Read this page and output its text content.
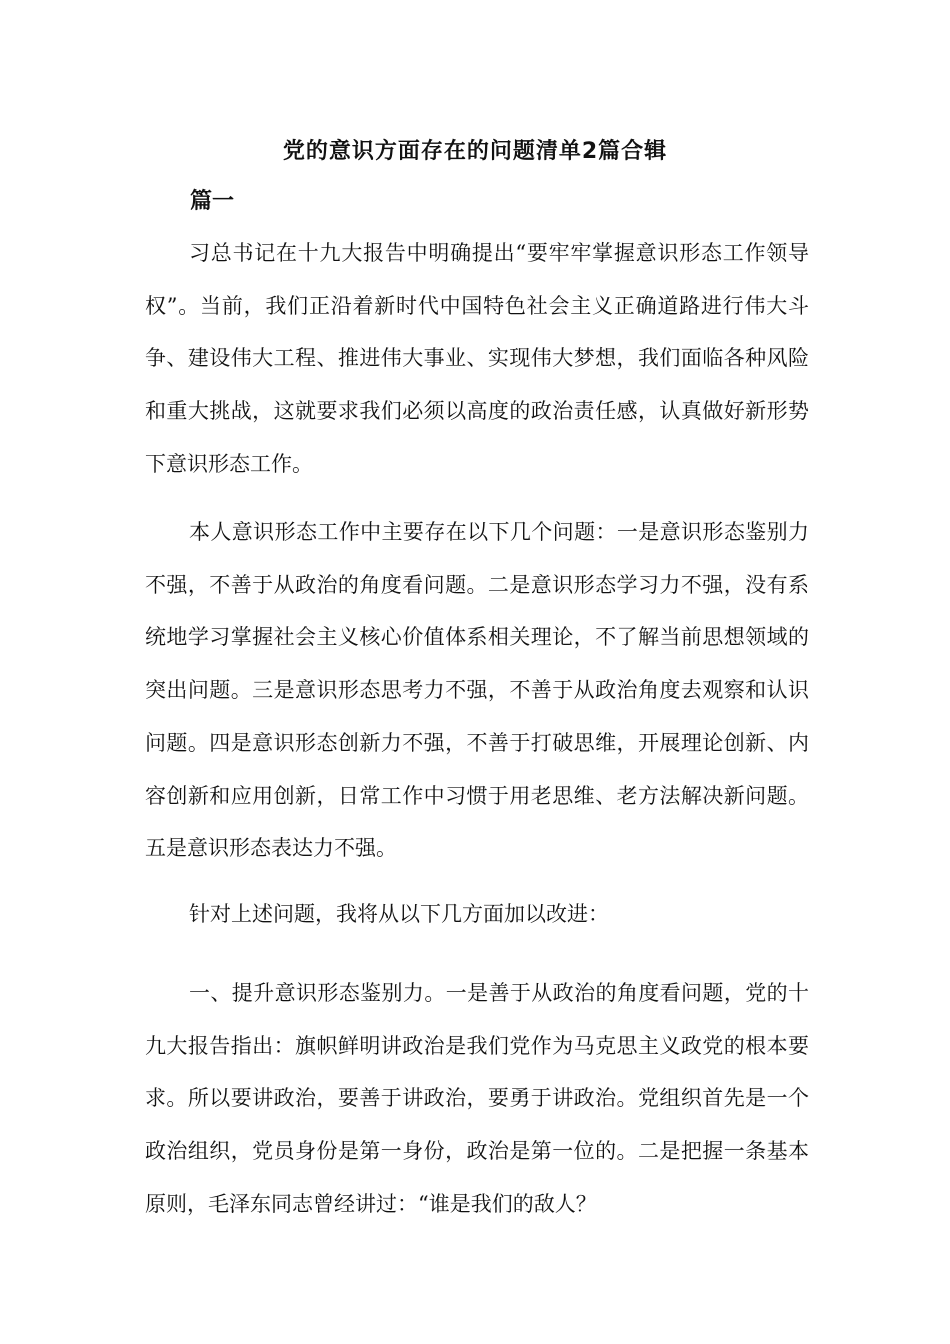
党的意识方面存在的问题清单2篇合辑
篇一

习总书记在十九大报告中明确提出“要牢牢掌握意识形态工作领导权”。当前，我们正沿着新时代中国特色社会主义正确道路进行伟大斗争、建设伟大工程、推进伟大事业、实现伟大梦想，我们面临各种风险和重大挑战，这就要求我们必须以高度的政治责任感，认真做好新形势下意识形态工作。

本人意识形态工作中主要存在以下几个问题：一是意识形态鉴别力不强，不善于从政治的角度看问题。二是意识形态学习力不强，没有系统地学习掌握社会主义核心价值体系相关理论，不了解当前思想领域的突出问题。三是意识形态思考力不强，不善于从政治角度去观察和认识问题。四是意识形态创新力不强，不善于打破思维，开展理论创新、内容创新和应用创新，日常工作中习惯于用老思维、老方法解决新问题。五是意识形态表达力不强。

针对上述问题，我将从以下几方面加以改进：

一、提升意识形态鉴别力。一是善于从政治的角度看问题，党的十九大报告指出：旗帜鲜明讲政治是我们党作为马克思主义政党的根本要求。所以要讲政治，要善于讲政治，要勇于讲政治。党组织首先是一个政治组织，党员身份是第一身份，政治是第一位的。二是把握一条基本原则，毛泽东同志曾经讲过：“谁是我们的敌人？
